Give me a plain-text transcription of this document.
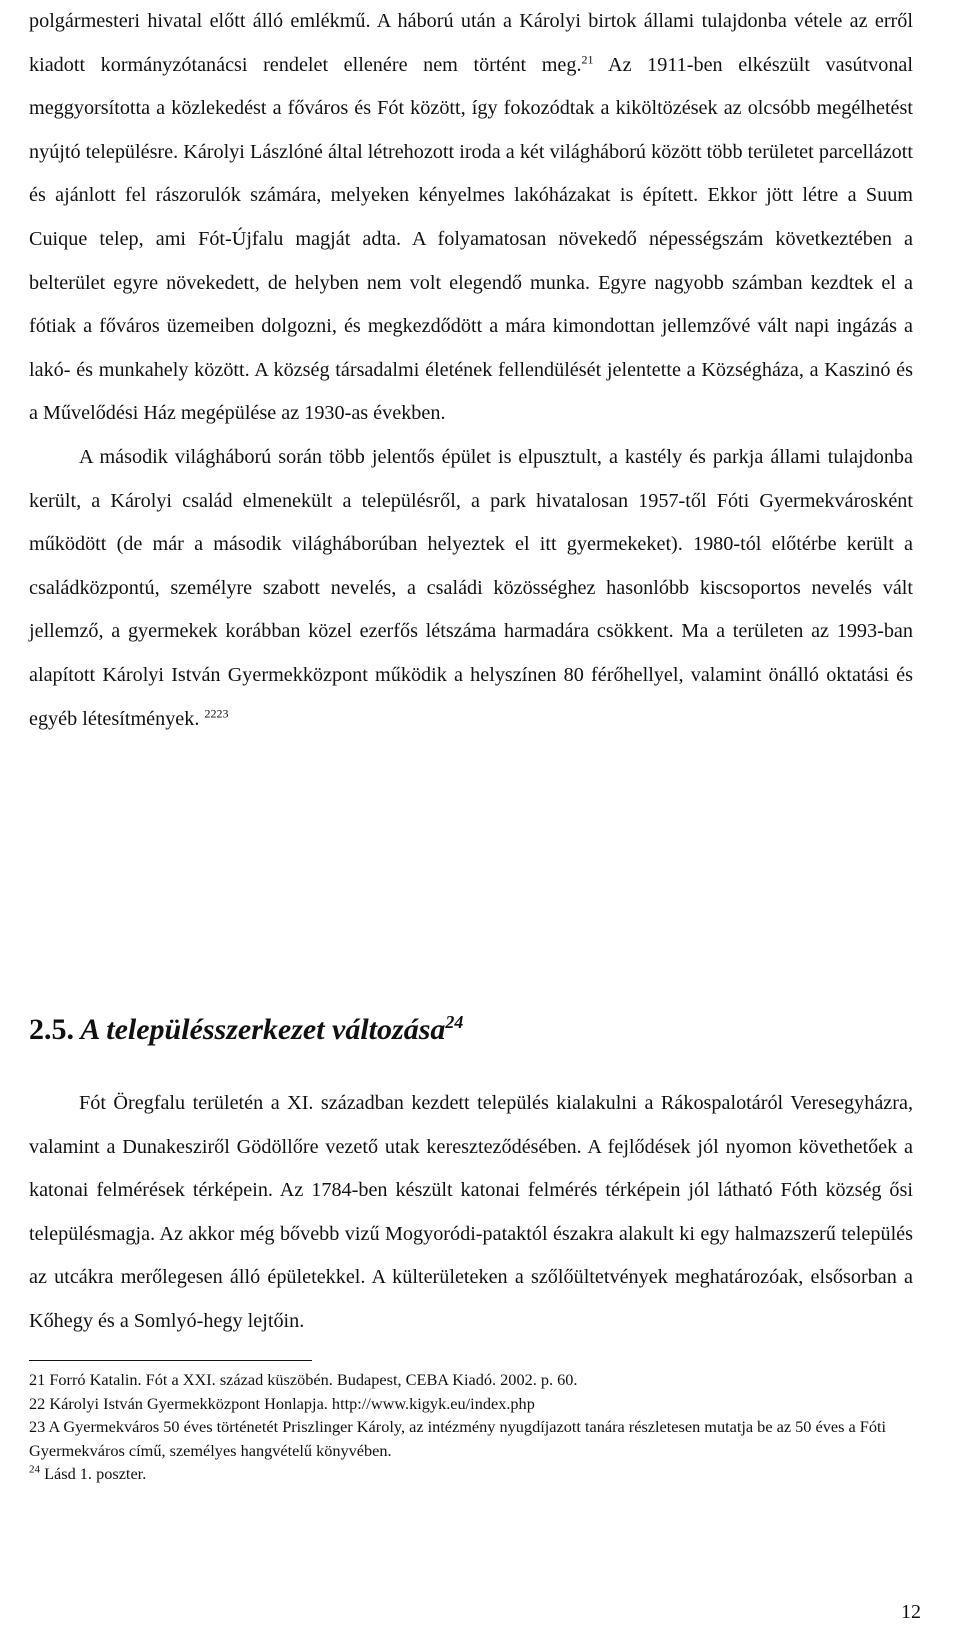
polgármesteri hivatal előtt álló emlékmű. A háború után a Károlyi birtok állami tulajdonba vétele az erről kiadott kormányzótanácsi rendelet ellenére nem történt meg.$^{21}$ Az 1911-ben elkészült vasútvonal meggyorsította a közlekedést a főváros és Fót között, így fokozódtak a kiköltözések az olcsóbb megélhetést nyújtó településre. Károlyi Lászlóné által létrehozott iroda a két világháború között több területet parcellázott és ajánlott fel rászorulók számára, melyeken kényelmes lakóházakat is épített. Ekkor jött létre a Suum Cuique telep, ami Fót-Újfalu magját adta. A folyamatosan növekedő népességszám következtében a belterület egyre növekedett, de helyben nem volt elegendő munka. Egyre nagyobb számban kezdtek el a fótiak a főváros üzemeiben dolgozni, és megkezdődött a mára kimondottan jellemzővé vált napi ingázás a lakó- és munkahely között. A község társadalmi életének fellendülését jelentette a Községháza, a Kaszinó és a Művelődési Ház megépülése az 1930-as években.

A második világháború során több jelentős épület is elpusztult, a kastély és parkja állami tulajdonba került, a Károlyi család elmenekült a településről, a park hivatalosan 1957-től Fóti Gyermekvárosként működött (de már a második világháborúban helyeztek el itt gyermekeket). 1980-tól előtérbe került a családközpontú, személyre szabott nevelés, a családi közösséghez hasonlóbb kiscsoportos nevelés vált jellemző, a gyermekek korábban közel ezerfős létszáma harmadára csökkent. Ma a területen az 1993-ban alapított Károlyi István Gyermekközpont működik a helyszínen 80 férőhellyel, valamint önálló oktatási és egyéb létesítmények. $^{2223}$

2.5. A településszerkezet változása$^{24}$

Fót Öregfalu területén a XI. században kezdett település kialakulni a Rákospalotáról Veresegyházra, valamint a Dunakesziről Gödöllőre vezető utak kereszteződésében. A fejlődések jól nyomon követhetőek a katonai felmérések térképein. Az 1784-ben készült katonai felmérés térképein jól látható Fóth község ősi településmagja. Az akkor még bővebb vizű Mogyoródi-pataktól északra alakult ki egy halmazszerű település az utcákra merőlegesen álló épületekkel. A külterületeken a szőlőültetvények meghatározóak, elsősorban a Kőhegy és a Somlyó-hegy lejtőin.

21 Forró Katalin. Fót a XXI. század küszöbén. Budapest, CEBA Kiadó. 2002. p. 60.

22 Károlyi István Gyermekközpont Honlapja. http://www.kigyk.eu/index.php

23 A Gyermekváros 50 éves történetét Priszlinger Károly, az intézmény nyugdíjazott tanára részletesen mutatja be az 50 éves a Fóti Gyermekváros című, személyes hangvételű könyvében.

$^{24}$ Lásd 1. poszter.

12
